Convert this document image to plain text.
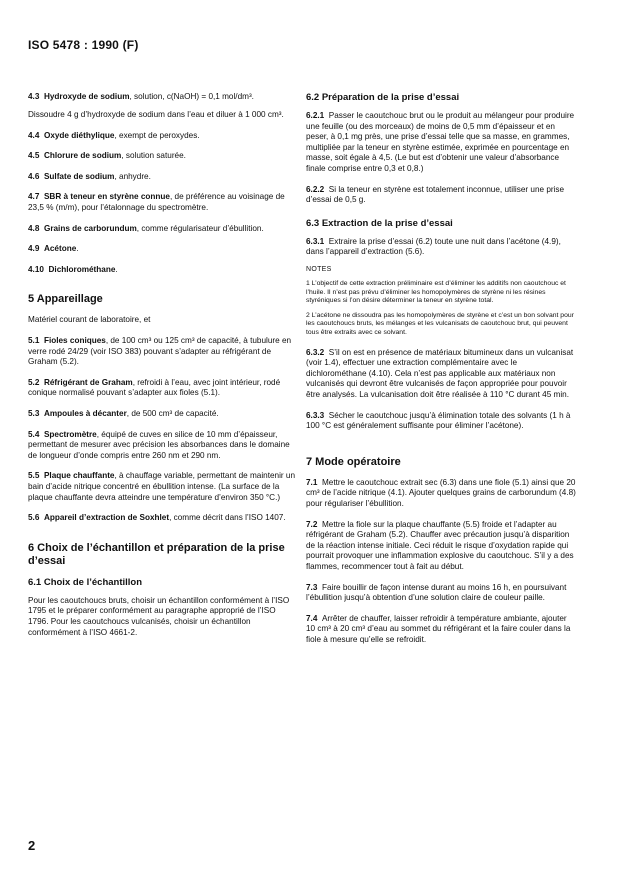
ISO 5478 : 1990 (F)
4.3 Hydroxyde de sodium, solution, c(NaOH) = 0,1 mol/dm³.
Dissoudre 4 g d’hydroxyde de sodium dans l’eau et diluer à 1 000 cm³.
4.4 Oxyde diéthylique, exempt de peroxydes.
4.5 Chlorure de sodium, solution saturée.
4.6 Sulfate de sodium, anhydre.
4.7 SBR à teneur en styrène connue, de préférence au voisinage de 23,5 % (m/m), pour l’étalonnage du spectromètre.
4.8 Grains de carborundum, comme régularisateur d’ébullition.
4.9 Acétone.
4.10 Dichlorométhane.
5 Appareillage
Matériel courant de laboratoire, et
5.1 Fioles coniques, de 100 cm³ ou 125 cm³ de capacité, à tubulure en verre rodé 24/29 (voir ISO 383) pouvant s’adapter au réfrigérant de Graham (5.2).
5.2 Réfrigérant de Graham, refroidi à l’eau, avec joint intérieur, rodé conique normalisé pouvant s’adapter aux fioles (5.1).
5.3 Ampoules à décanter, de 500 cm³ de capacité.
5.4 Spectromètre, équipé de cuves en silice de 10 mm d’épaisseur, permettant de mesurer avec précision les absorbances dans le domaine de longueur d’onde compris entre 260 nm et 290 nm.
5.5 Plaque chauffante, à chauffage variable, permettant de maintenir un bain d’acide nitrique concentré en ébullition intense. (La surface de la plaque chauffante devra atteindre une température d’environ 350 °C.)
5.6 Appareil d’extraction de Soxhlet, comme décrit dans l’ISO 1407.
6 Choix de l’échantillon et préparation de la prise d’essai
6.1 Choix de l’échantillon
Pour les caoutchoucs bruts, choisir un échantillon conformément à l’ISO 1795 et le préparer conformément au paragraphe approprié de l’ISO 1796. Pour les caoutchoucs vulcanisés, choisir un échantillon conformément à l’ISO 4661-2.
6.2 Préparation de la prise d’essai
6.2.1 Passer le caoutchouc brut ou le produit au mélangeur pour produire une feuille (ou des morceaux) de moins de 0,5 mm d’épaisseur et en peser, à 0,1 mg près, une prise d’essai telle que sa masse, en grammes, multipliée par la teneur en styrène estimée, exprimée en pourcentage en masse, soit égale à 4,5. (Le but est d’obtenir une valeur d’absorbance finale comprise entre 0,3 et 0,8.)
6.2.2 Si la teneur en styrène est totalement inconnue, utiliser une prise d’essai de 0,5 g.
6.3 Extraction de la prise d’essai
6.3.1 Extraire la prise d’essai (6.2) toute une nuit dans l’acétone (4.9), dans l’appareil d’extraction (5.6).
NOTES
1 L’objectif de cette extraction préliminaire est d’éliminer les additifs non caoutchouc et l’huile. Il n’est pas prévu d’éliminer les homopolymères de styrène ni les résines styréniques si l’on désire déterminer la teneur en styrène total.
2 L’acétone ne dissoudra pas les homopolymères de styrène et c’est un bon solvant pour les caoutchoucs bruts, les mélanges et les vulcanisats de caoutchouc brut, qui peuvent tous être extraits avec ce solvant.
6.3.2 S’il on est en présence de matériaux bitumineux dans un vulcanisat (voir 1.4), effectuer une extraction complémentaire avec le dichlorométhane (4.10). Cela n’est pas applicable aux matériaux non vulcanisés qui devront être vulcanisés de façon appropriée pour pouvoir être analysés. La vulcanisation doit être réalisée à 110 °C durant 45 min.
6.3.3 Sécher le caoutchouc jusqu’à élimination totale des solvants (1 h à 100 °C est généralement suffisante pour éliminer l’acétone).
7 Mode opératoire
7.1 Mettre le caoutchouc extrait sec (6.3) dans une fiole (5.1) ainsi que 20 cm³ de l’acide nitrique (4.1). Ajouter quelques grains de carborundum (4.8) pour régulariser l’ébullition.
7.2 Mettre la fiole sur la plaque chauffante (5.5) froide et l’adapter au réfrigérant de Graham (5.2). Chauffer avec précaution jusqu’à disparition de la réaction intense initiale. Ceci réduit le risque d’oxydation rapide qui pourrait provoquer une inflammation explosive du caoutchouc. S’il y a des flammes, recommencer tout à fait au début.
7.3 Faire bouillir de façon intense durant au moins 16 h, en poursuivant l’ébullition jusqu’à obtention d’une solution claire de couleur paille.
7.4 Arrêter de chauffer, laisser refroidir à température ambiante, ajouter 10 cm³ à 20 cm³ d’eau au sommet du réfrigérant et la faire couler dans la fiole à mesure qu’elle se refroidit.
2
